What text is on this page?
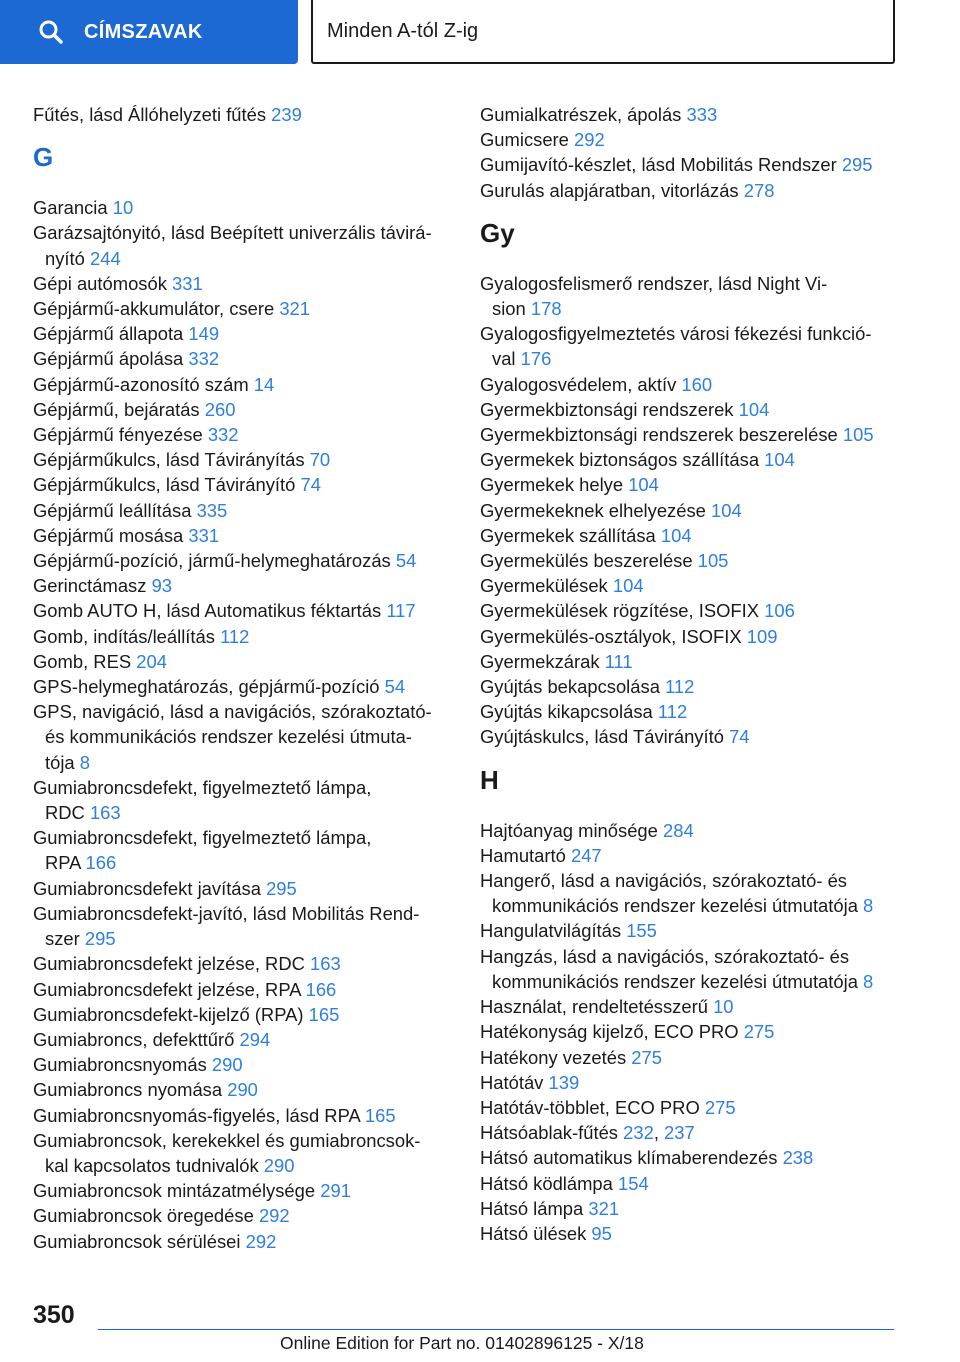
CÍMSZAVAK	Minden A-tól Z-ig
Fűtés, lásd Állóhelyzeti fűtés 239
G
Garancia 10
Garázsajtónyitó, lásd Beépített univerzális távirá-
nyító 244
Gépi autómosók 331
Gépjármű-akkumulátor, csere 321
Gépjármű állapota 149
Gépjármű ápolása 332
Gépjármű-azonosító szám 14
Gépjármű, bejáratás 260
Gépjármű fényezése 332
Gépjárműkulcs, lásd Távirányítás 70
Gépjárműkulcs, lásd Távirányító 74
Gépjármű leállítása 335
Gépjármű mosása 331
Gépjármű-pozíció, jármű-helymeghatározás 54
Gerinctámasz 93
Gomb AUTO H, lásd Automatikus féktartás 117
Gomb, indítás/leállítás 112
Gomb, RES 204
GPS-helymeghatározás, gépjármű-pozíció 54
GPS, navigáció, lásd a navigációs, szórakoztató-
és kommunikációs rendszer kezelési útmuta-
tója 8
Gumiabroncsdefekt, figyelmeztető lámpa,
RDC 163
Gumiabroncsdefekt, figyelmeztető lámpa,
RPA 166
Gumiabroncsdefekt javítása 295
Gumiabroncsdefekt-javító, lásd Mobilitás Rend-
szer 295
Gumiabroncsdefekt jelzése, RDC 163
Gumiabroncsdefekt jelzése, RPA 166
Gumiabroncsdefekt-kijelző (RPA) 165
Gumiabroncs, defekttűrő 294
Gumiabroncsnyomás 290
Gumiabroncs nyomása 290
Gumiabroncsnyomás-figyelés, lásd RPA 165
Gumiabroncsok, kerekekkel és gumiabroncsok-
kal kapcsolatos tudnivalók 290
Gumiabroncsok mintázatmélysége 291
Gumiabroncsok öregedése 292
Gumiabroncsok sérülései 292
Gumialkatrészek, ápolás 333
Gumicsere 292
Gumijavító-készlet, lásd Mobilitás Rendszer 295
Gurulás alapjáratban, vitorlázás 278
Gy
Gyalogosfelismerő rendszer, lásd Night Vi-
sion 178
Gyalogosfigyelmeztetés városi fékezési funkció-
val 176
Gyalogosvédelem, aktív 160
Gyermekbiztonsági rendszerek 104
Gyermekbiztonsági rendszerek beszerelése 105
Gyermekek biztonságos szállítása 104
Gyermekek helye 104
Gyermekeknek elhelyezése 104
Gyermekek szállítása 104
Gyermekülés beszerelése 105
Gyermekülések 104
Gyermekülések rögzítése, ISOFIX 106
Gyermekülés-osztályok, ISOFIX 109
Gyermekzárak 111
Gyújtás bekapcsolása 112
Gyújtás kikapcsolása 112
Gyújtáskulcs, lásd Távirányító 74
H
Hajtóanyag minősége 284
Hamutartó 247
Hangerő, lásd a navigációs, szórakoztató- és
kommunikációs rendszer kezelési útmutatója 8
Hangulatvilágítás 155
Hangzás, lásd a navigációs, szórakoztató- és
kommunikációs rendszer kezelési útmutatója 8
Használat, rendeltetésszerű 10
Hatékonyság kijelző, ECO PRO 275
Hatékony vezetés 275
Hatótáv 139
Hatótáv-többlet, ECO PRO 275
Hátsóablak-fűtés 232, 237
Hátsó automatikus klímaberendezés 238
Hátsó ködlámpa 154
Hátsó lámpa 321
Hátsó ülések 95
350
Online Edition for Part no. 01402896125 - X/18
